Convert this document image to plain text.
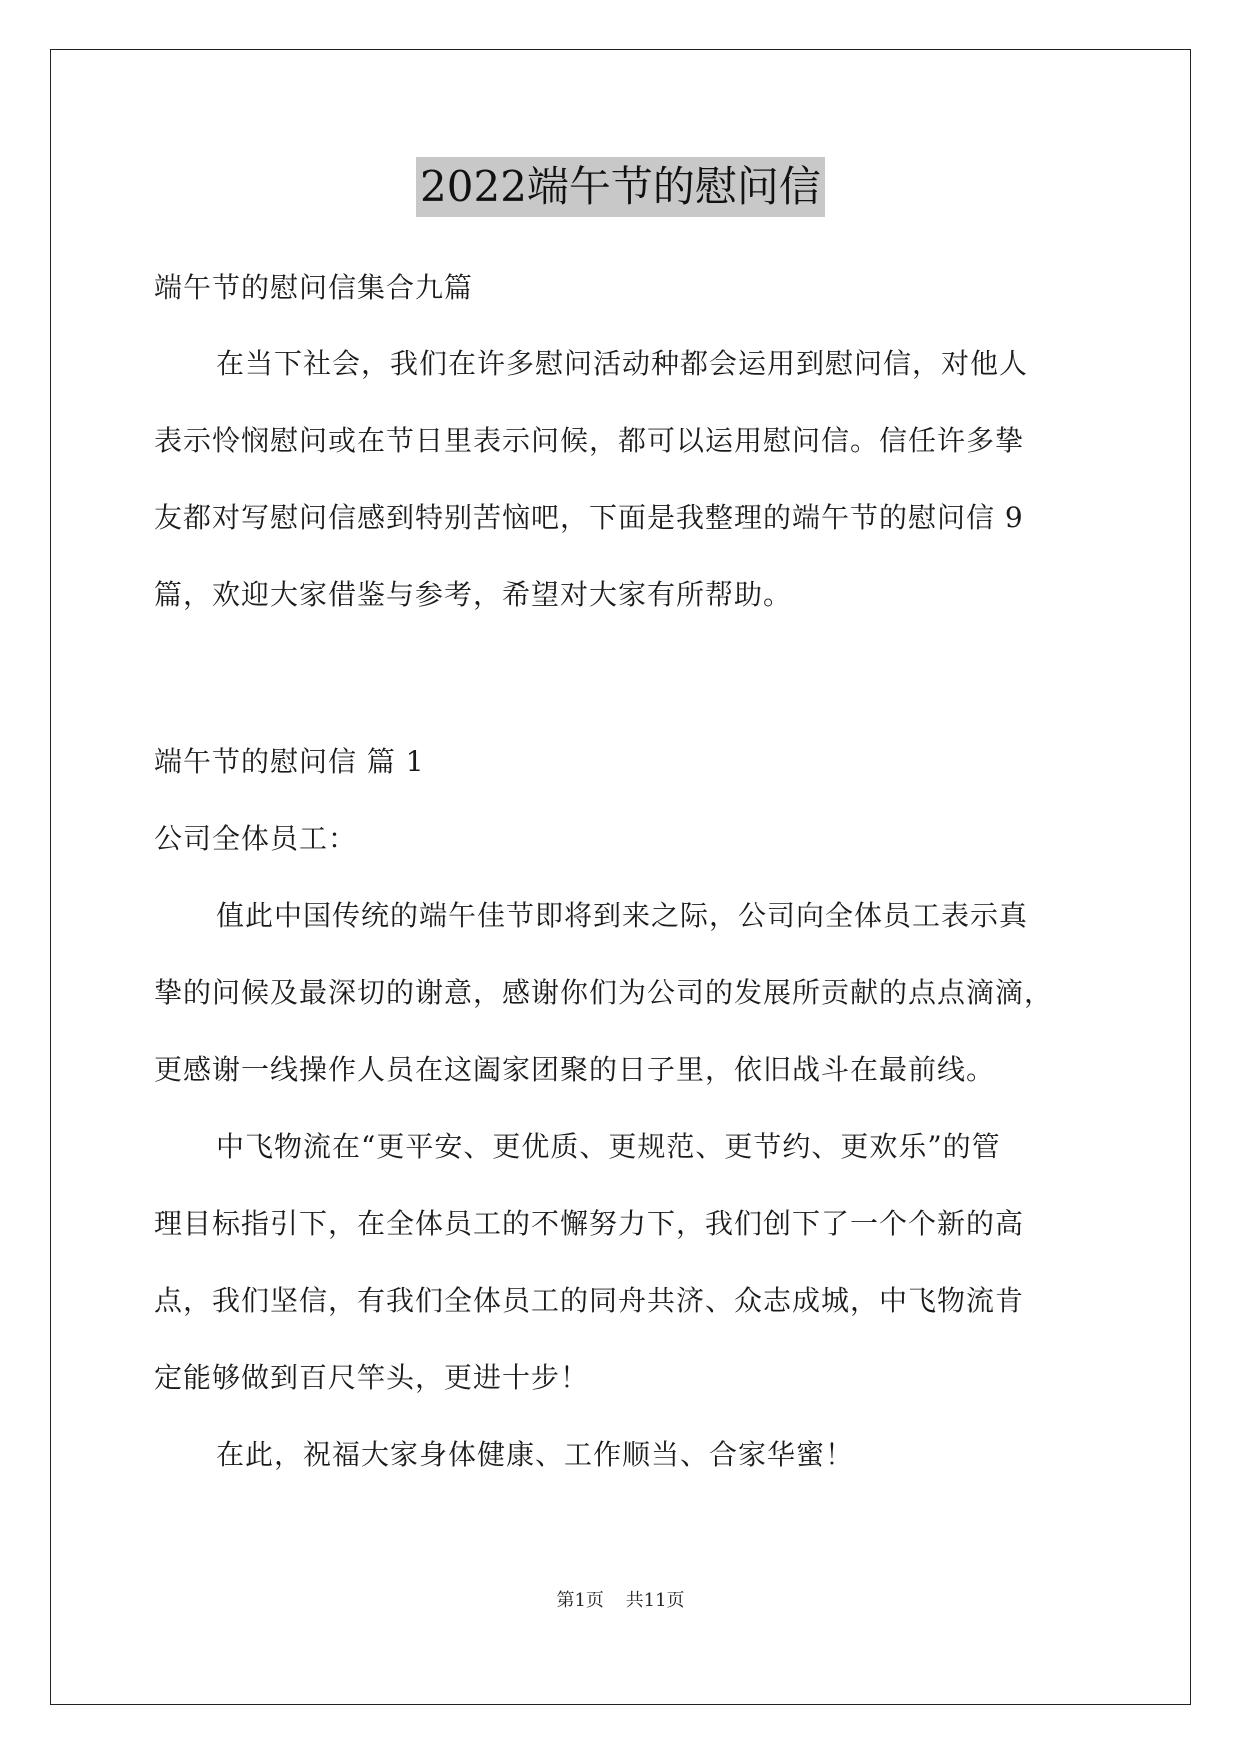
2022端午节的慰问信
端午节的慰问信集合九篇
在当下社会，我们在许多慰问活动种都会运用到慰问信，对他人
表示怜悯慰问或在节日里表示问候，都可以运用慰问信。信任许多挚
友都对写慰问信感到特别苦恼吧，下面是我整理的端午节的慰问信 9
篇，欢迎大家借鉴与参考，希望对大家有所帮助。
端午节的慰问信 篇 1
公司全体员工：
值此中国传统的端午佳节即将到来之际，公司向全体员工表示真
挚的问候及最深切的谢意，感谢你们为公司的发展所贡献的点点滴滴，
更感谢一线操作人员在这阖家团聚的日子里，依旧战斗在最前线。
中飞物流在“更平安、更优质、更规范、更节约、更欢乐”的管
理目标指引下，在全体员工的不懈努力下，我们创下了一个个新的高
点，我们坚信，有我们全体员工的同舟共济、众志成城，中飞物流肯
定能够做到百尺竿头，更进十步！
在此，祝福大家身体健康、工作顺当、合家华蜜！
第1页 共11页
